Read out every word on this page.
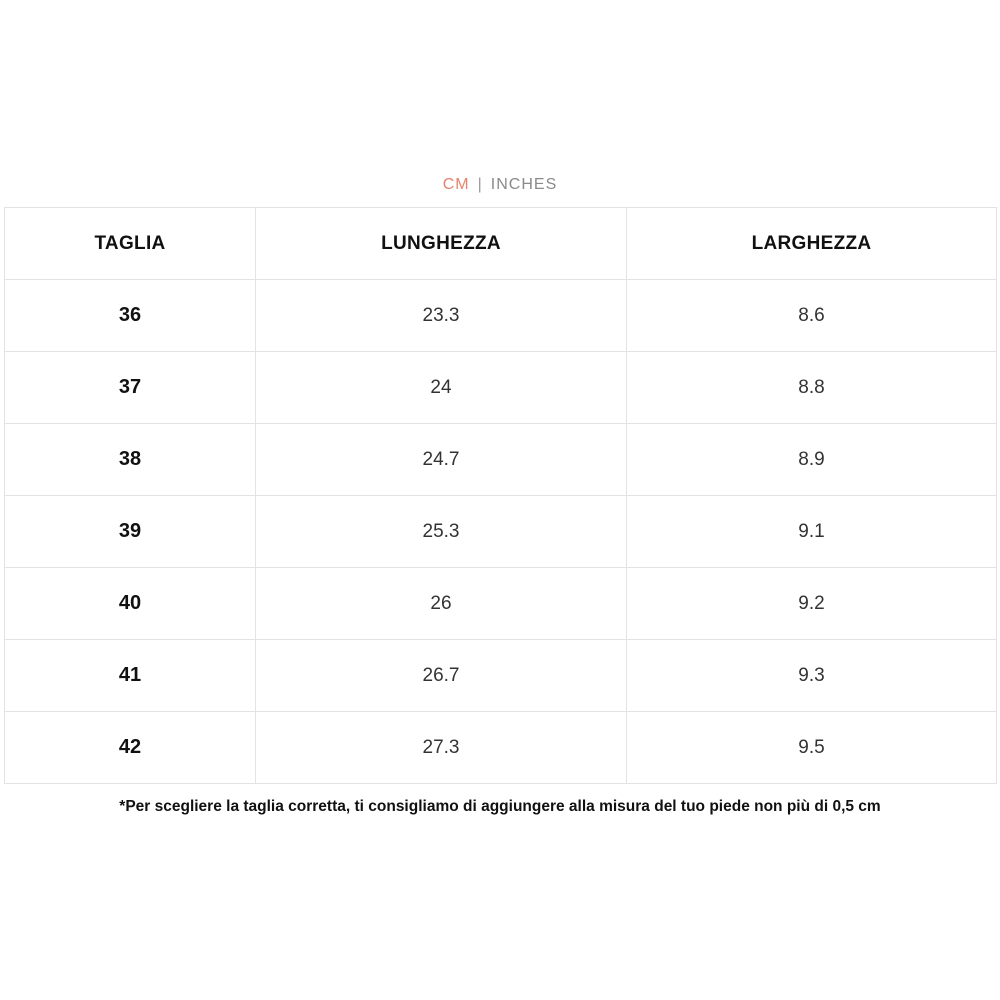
CM | INCHES
TAGLIA	LUNGHEZZA	LARGHEZZA
36	23.3	8.6
37	24	8.8
38	24.7	8.9
39	25.3	9.1
40	26	9.2
41	26.7	9.3
42	27.3	9.5
*Per scegliere la taglia corretta, ti consigliamo di aggiungere alla misura del tuo piede non più di 0,5 cm
